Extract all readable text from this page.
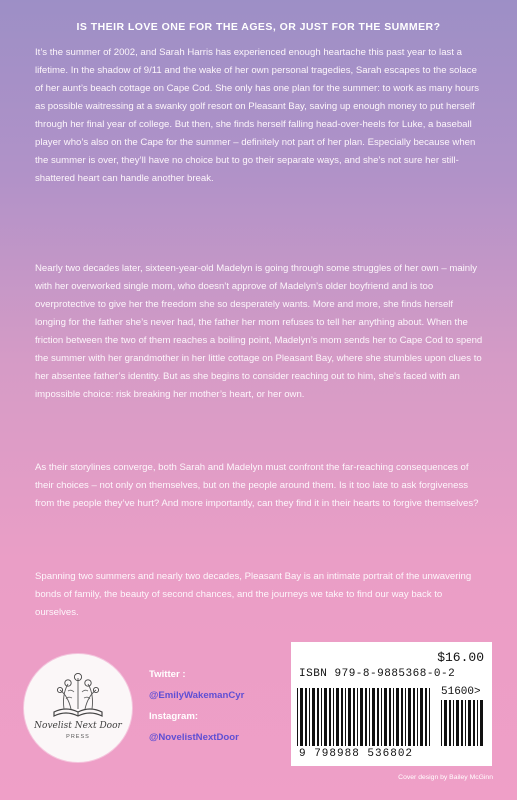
IS THEIR LOVE ONE FOR THE AGES, OR JUST FOR THE SUMMER?

It’s the summer of 2002, and Sarah Harris has experienced enough heartache this past year to last a lifetime. In the shadow of 9/11 and the wake of her own personal tragedies, Sarah escapes to the solace of her aunt’s beach cottage on Cape Cod. She only has one plan for the summer: to work as many hours as possible waitressing at a swanky golf resort on Pleasant Bay, saving up enough money to put herself through her final year of college. But then, she finds herself falling head-over-heels for Luke, a baseball player who’s also on the Cape for the summer – definitely not part of her plan. Especially because when the summer is over, they’ll have no choice but to go their separate ways, and she’s not sure her still-shattered heart can handle another break.

Nearly two decades later, sixteen-year-old Madelyn is going through some struggles of her own – mainly with her overworked single mom, who doesn’t approve of Madelyn’s older boyfriend and is too overprotective to give her the freedom she so desperately wants. More and more, she finds herself longing for the father she’s never had, the father her mom refuses to tell her anything about. When the friction between the two of them reaches a boiling point, Madelyn’s mom sends her to Cape Cod to spend the summer with her grandmother in her little cottage on Pleasant Bay, where she stumbles upon clues to her absentee father’s identity. But as she begins to consider reaching out to him, she’s faced with an impossible choice: risk breaking her mother’s heart, or her own.

As their storylines converge, both Sarah and Madelyn must confront the far-reaching consequences of their choices – not only on themselves, but on the people around them. Is it too late to ask forgiveness from the people they’ve hurt? And more importantly, can they find it in their hearts to forgive themselves?

Spanning two summers and nearly two decades, Pleasant Bay is an intimate portrait of the unwavering bonds of family, the beauty of second chances, and the journeys we take to find our way back to ourselves.

Novelist Next Door
PRESS
Twitter :
@EmilyWakemanCyr
Instagram:
@NovelistNextDoor
$16.00
ISBN 979-8-9885368-0-2
51600>
9 798988 536802
Cover design by Bailey McGinn
